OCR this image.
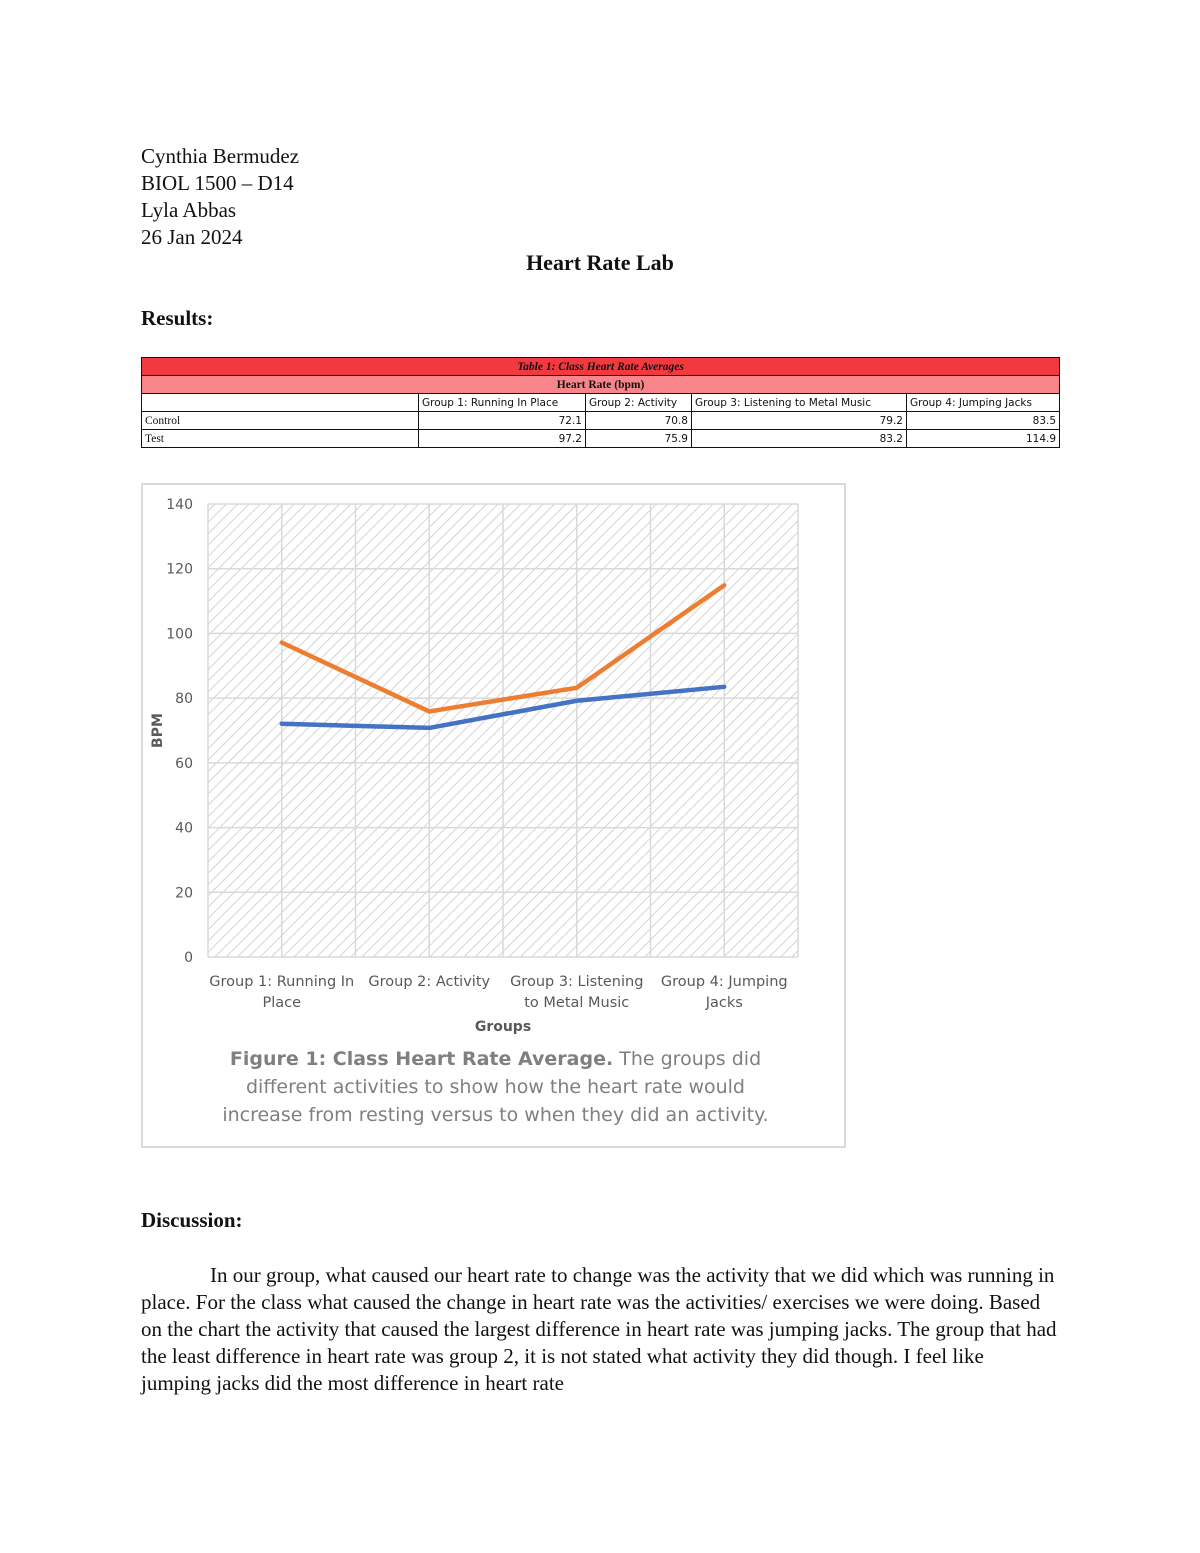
Cynthia Bermudez

BIOL 1500 – D14

Lyla Abbas

26 Jan 2024

Heart Rate Lab

Results:

Table 1: Class Heart Rate Averages				
Heart Rate (bpm)				
	Group 1: Running In Place	Group 2: Activity	Group 3: Listening to Metal Music	Group 4: Jumping Jacks
Control	72.1	70.8	79.2	83.5
Test	97.2	75.9	83.2	114.9
0
20
40
60
80
100
120
140
Group 1: Running In
Place
Group 2: Activity Group 3: Listening
to Metal Music
Group 4: Jumping
Jacks
Groups
BPM
Figure 1: Class Heart Rate Average. The groups did different activities to show how the heart rate would increase from resting versus to when they did an activity.

Discussion:

In our group, what caused our heart rate to change was the activity that we did which was running in place. For the class what caused the change in heart rate was the activities/ exercises we were doing. Based on the chart the activity that caused the largest difference in heart rate was jumping jacks. The group that had the least difference in heart rate was group 2, it is not stated what activity they did though. I feel like jumping jacks did the most difference in heart rate
